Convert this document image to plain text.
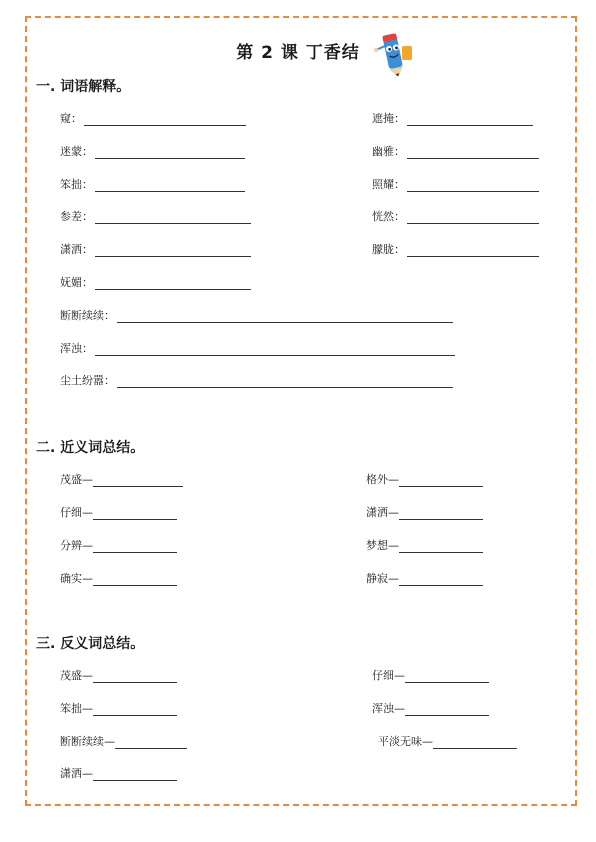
第 2 课 丁香结
一. 词语解释。
窥：	遮掩：
迷蒙：	幽雅：
笨拙：	照耀：
参差：	恍然：
潇洒：	朦胧：
妩媚：
断断续续：
浑浊：
尘土纷嚣：
二. 近义词总结。
茂盛—	格外—
仔细—	潇洒—
分辨—	梦想—
确实—	静寂—
三. 反义词总结。
茂盛—	仔细—
笨拙—	浑浊—
断断续续—	平淡无味—
潇洒—
